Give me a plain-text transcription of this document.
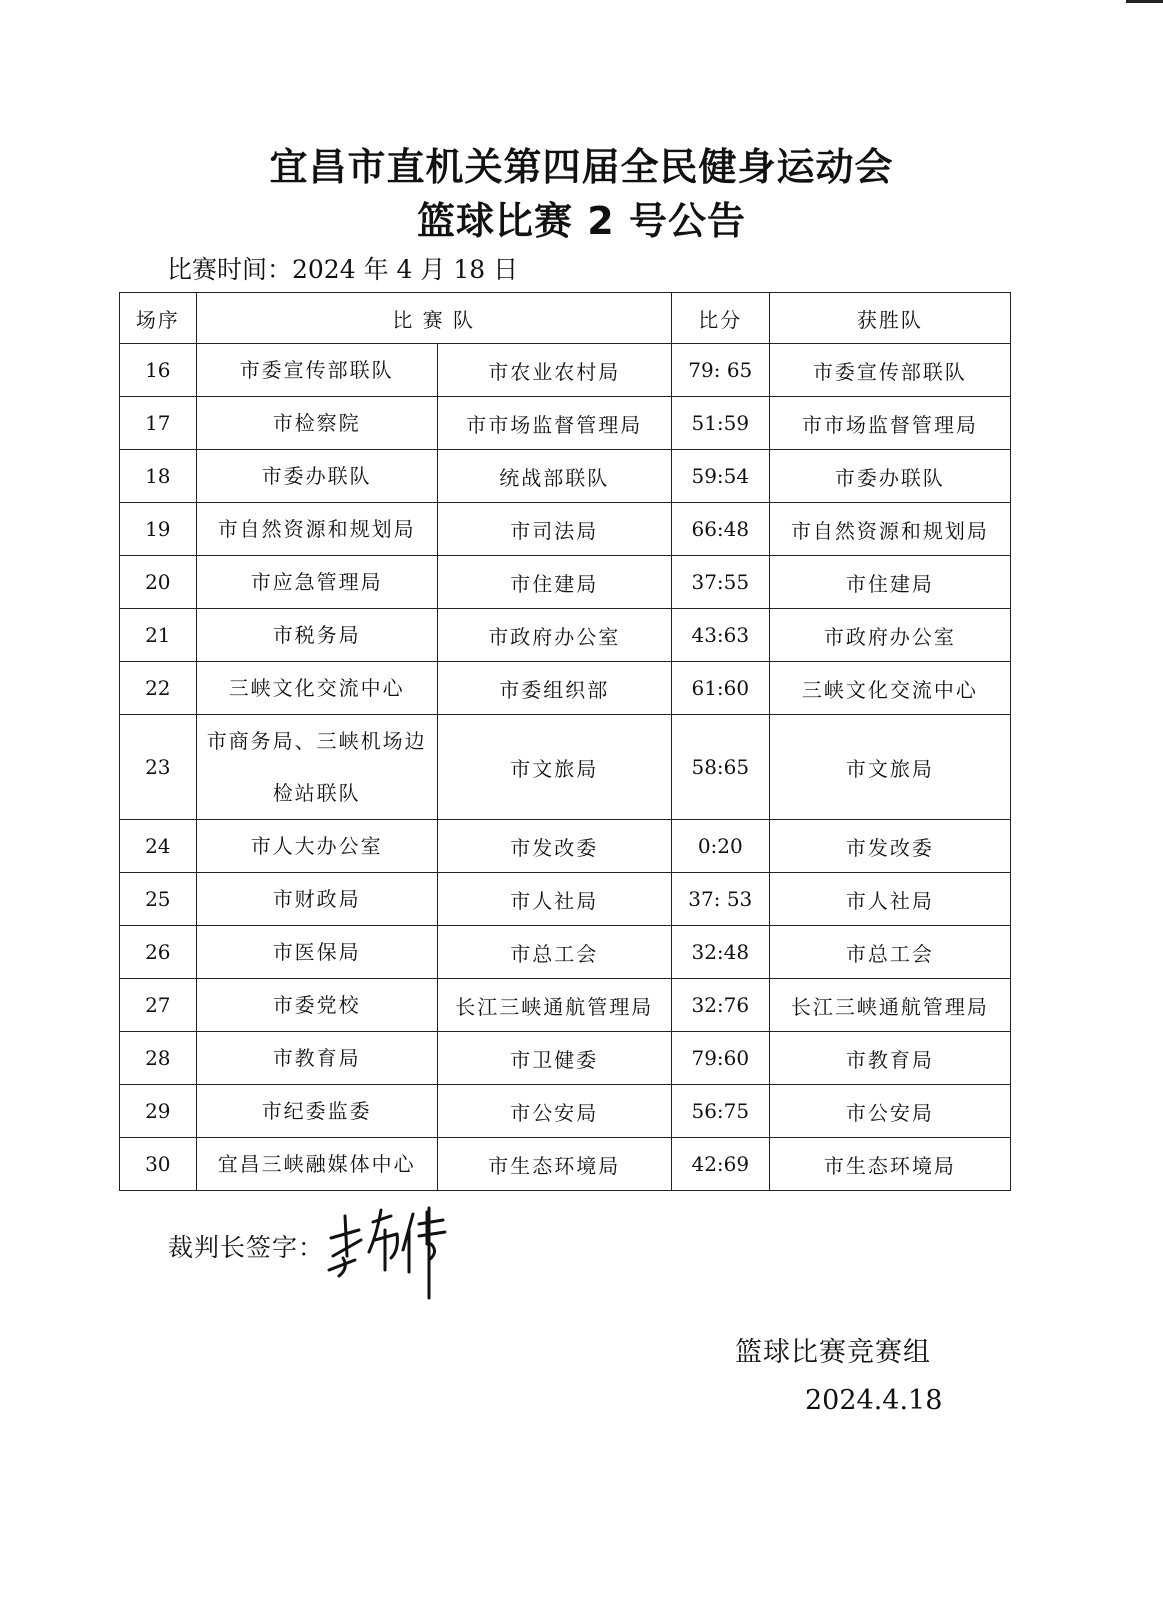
宜昌市直机关第四届全民健身运动会
篮球比赛 2 号公告
比赛时间：2024 年 4 月 18 日
场序	比 赛 队		比分	获胜队
16	市委宣传部联队	市农业农村局	79: 65	市委宣传部联队
17	市检察院	市市场监督管理局	51:59	市市场监督管理局
18	市委办联队	统战部联队	59:54	市委办联队
19	市自然资源和规划局	市司法局	66:48	市自然资源和规划局
20	市应急管理局	市住建局	37:55	市住建局
21	市税务局	市政府办公室	43:63	市政府办公室
22	三峡文化交流中心	市委组织部	61:60	三峡文化交流中心
23	市商务局、三峡机场边检站联队	市文旅局	58:65	市文旅局
24	市人大办公室	市发改委	0:20	市发改委
25	市财政局	市人社局	37: 53	市人社局
26	市医保局	市总工会	32:48	市总工会
27	市委党校	长江三峡通航管理局	32:76	长江三峡通航管理局
28	市教育局	市卫健委	79:60	市教育局
29	市纪委监委	市公安局	56:75	市公安局
30	宜昌三峡融媒体中心	市生态环境局	42:69	市生态环境局
裁判长签字：
篮球比赛竞赛组
2024.4.18
